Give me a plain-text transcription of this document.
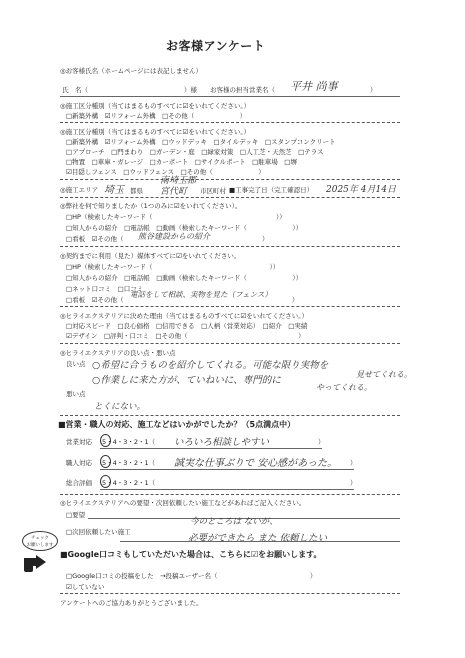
お客様アンケート
◎お客様氏名（ホームページには表記しません）
氏　名（	）様 お客様の担当営業名（ 平井 尚事	）
◎施工区分種別（当てはまるものすべてに☑をいれてください。）
□新築外構　☑リフォーム外構　□その他（　　　　　　　）
◎施工区分種別（当てはまるものすべてに☑をいれてください。）
□新築外構　☑リフォーム外構　□ウッドデッキ　□タイルデッキ　□スタンプコンクリート
□アプローチ　□門まわり　□ガーデン・庭　□緑家対策　□人工芝・天然芝　□テラス
□物置　□車庫・ガレージ　□カーポート　□サイクルポート　□駐車場　□塀
☑目隠しフェンス　□ウッドフェンス　□その他（　　　　　　　）
◎施工エリア 埼玉 都県
南埼玉郡 宮代町	市区町村 ■工事完了日（完工確認日） 2025年 4月14日
◎弊社を何で知りましたか（1つのみに☑をいれてください）。
□HP（検索したキーワード（　　　　　　　　　　　　　　　　　　　））
□知人からの紹介　□電話帳　□動画（検索したキーワード（　　　　　　　））
□看板　☑その他（ 熊谷建設からの紹介	）
◎契約までに利用（見た）媒体すべてに☑をいれてください。
□HP（検索したキーワード（　　　　　　　　　　　　　　　　　　））
□知人からの紹介　□電話帳　□動画（検索したキーワード（　　　　　　　））
□ネット口コミ　□口コミ
□看板　☑その他（
電話をして相談、実物を見た（フェンス）
）
◎ヒライエクステリアに決めた理由（当てはまるものすべてに☑をいれてください。）
□対応スピード　□良心価格　□信用できる　□人柄（営業対応）　□紹介　□実績
☑デザイン　□評判・口コミ　□その他（　　　　　　　　　　　　　　　　　）
◎ヒライエクステリアの良い点・悪い点
良い点 ○希望に合うものを紹介してくれる。可能な限り実物を
見せてくれる。
○作業しに来た方が、ていねいに、専門的に
やってくれる。
悪い点
とくにない。
■営業・職人の対応、施工などはいかがでしたか？（5点満点中）
営業対応 5・4・3・2・1（ いろいろ相談しやすい	）
職人対応 5・4・3・2・1（ 誠実な仕事ぶりで 安心感があった。 ）
総合評価 5・4・3・2・1（	）
◎ヒライエクステリアへの要望・次回依頼したい施工などがあればご記入ください。
□要望
今のところは ないが、
□次回依頼したい施工
必要ができたら また 依頼したい
チェック
お願いします
■Google口コミもしていただいた場合は、こちらに☑をお願いします。
□Google口コミの投稿をした　→投稿ユーザー名（	）
☑していない
アンケートへのご協力ありがとうございました。
